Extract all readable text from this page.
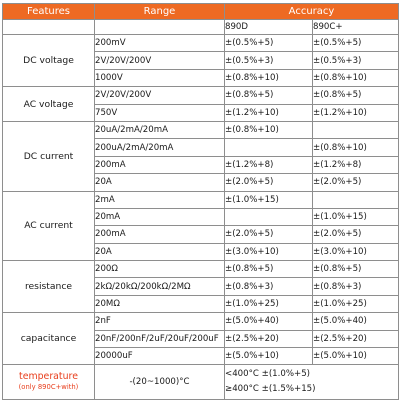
Features	Range	Accuracy	
		890D	890C+
DC voltage	200mV	±(0.5%+5)	±(0.5%+5)
	2V/20V/200V	±(0.5%+3)	±(0.5%+3)
	1000V	±(0.8%+10)	±(0.8%+10)
AC voltage	2V/20V/200V	±(0.8%+5)	±(0.8%+5)
	750V	±(1.2%+10)	±(1.2%+10)
DC current	20uA/2mA/20mA	±(0.8%+10)	
	200uA/2mA/20mA		±(0.8%+10)
	200mA	±(1.2%+8)	±(1.2%+8)
	20A	±(2.0%+5)	±(2.0%+5)
AC current	2mA	±(1.0%+15)	
	20mA		±(1.0%+15)
	200mA	±(2.0%+5)	±(2.0%+5)
	20A	±(3.0%+10)	±(3.0%+10)
resistance	200Ω	±(0.8%+5)	±(0.8%+5)
	2kΩ/20kΩ/200kΩ/2MΩ	±(0.8%+3)	±(0.8%+3)
	20MΩ	±(1.0%+25)	±(1.0%+25)
capacitance	2nF	±(5.0%+40)	±(5.0%+40)
	20nF/200nF/2uF/20uF/200uF	±(2.5%+20)	±(2.5%+20)
	20000uF	±(5.0%+10)	±(5.0%+10)

temperature
(only 890C+with)	-(20~1000)°C	<400°C ±(1.0%+5)
≥400°C ±(1.5%+15)	
